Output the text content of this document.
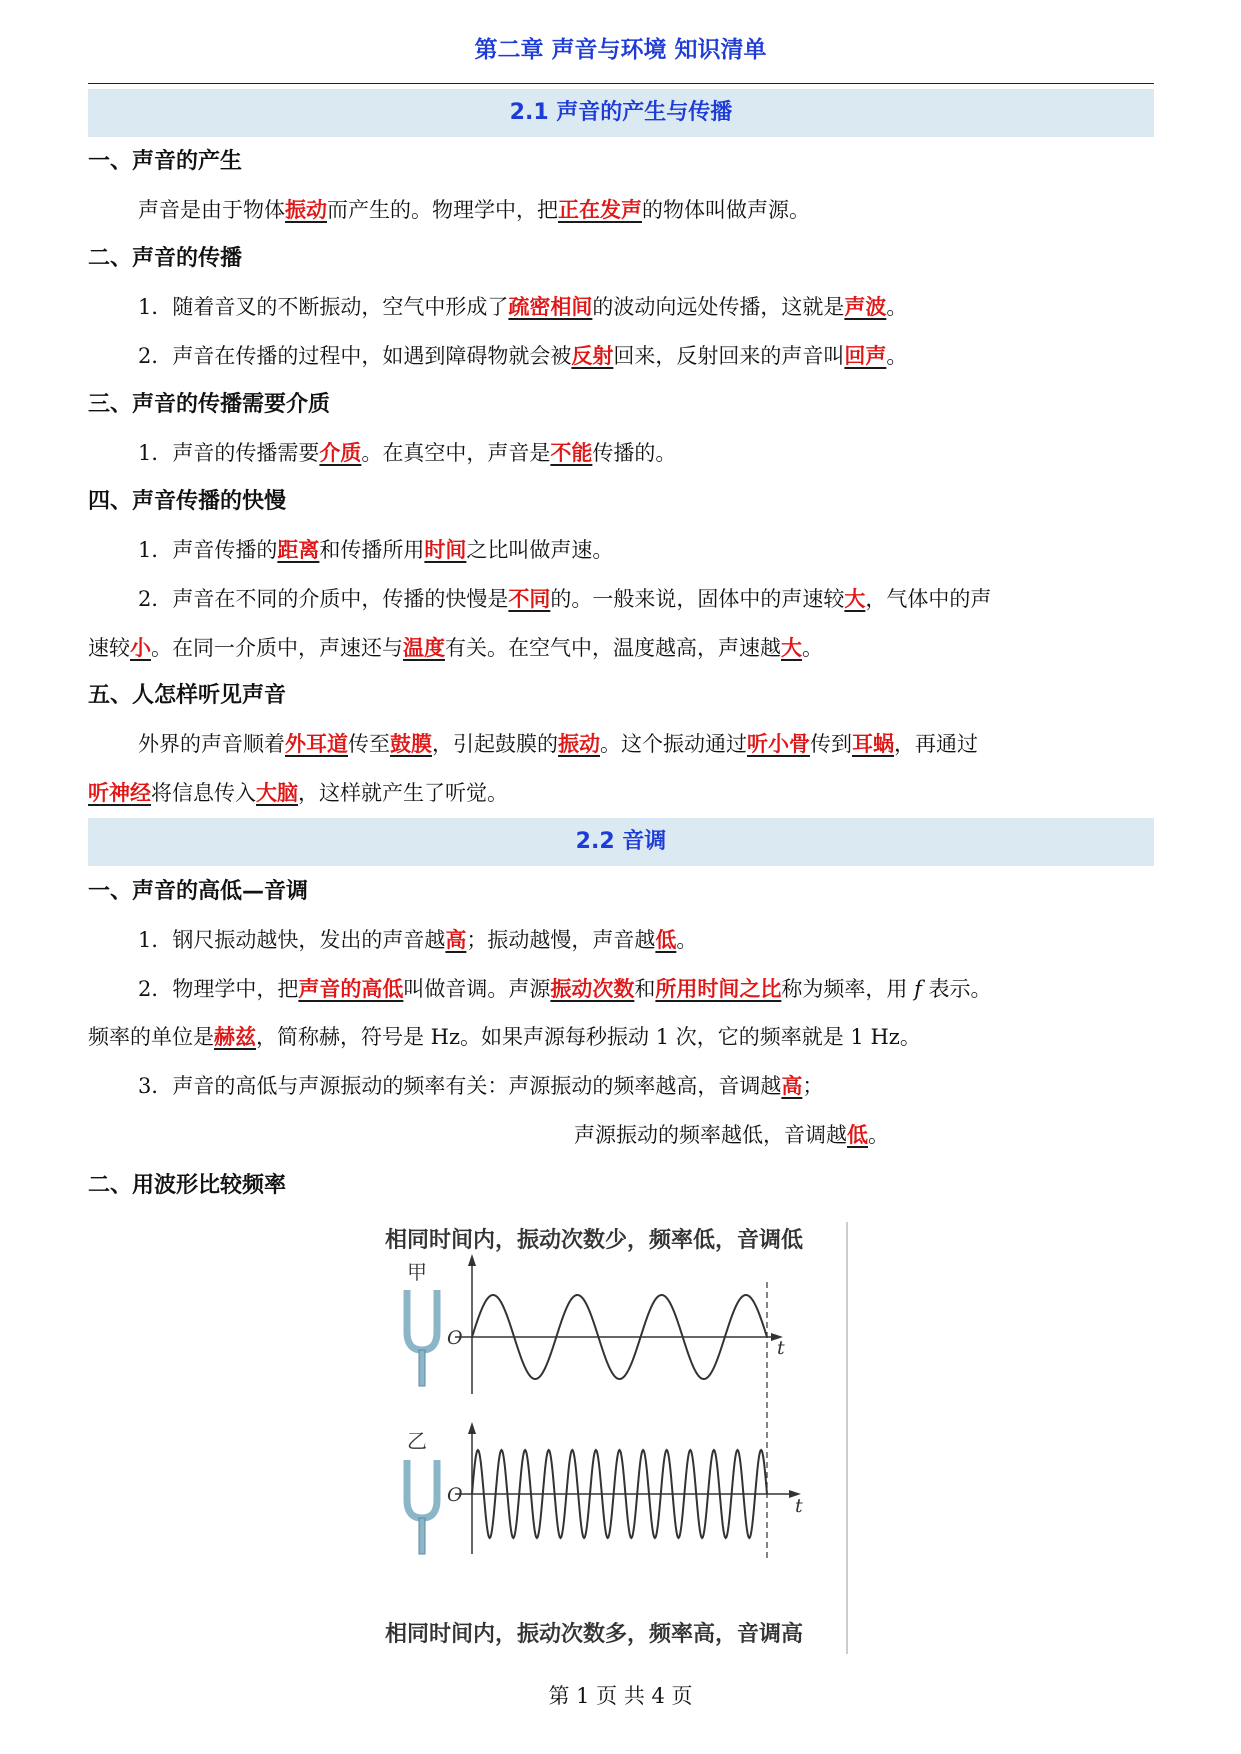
第二章 声音与环境 知识清单
2.1 声音的产生与传播
一、声音的产生
声音是由于物体振动而产生的。物理学中，把正在发声的物体叫做声源。
二、声音的传播
1．随着音叉的不断振动，空气中形成了疏密相间的波动向远处传播，这就是声波。
2．声音在传播的过程中，如遇到障碍物就会被反射回来，反射回来的声音叫回声。
三、声音的传播需要介质
1．声音的传播需要介质。在真空中，声音是不能传播的。
四、声音传播的快慢
1．声音传播的距离和传播所用时间之比叫做声速。
2．声音在不同的介质中，传播的快慢是不同的。一般来说，固体中的声速较大，气体中的声
速较小。在同一介质中，声速还与温度有关。在空气中，温度越高，声速越大。
五、人怎样听见声音
外界的声音顺着外耳道传至鼓膜，引起鼓膜的振动。这个振动通过听小骨传到耳蜗，再通过
听神经将信息传入大脑，这样就产生了听觉。
2.2 音调
一、声音的高低—音调
1．钢尺振动越快，发出的声音越高；振动越慢，声音越低。
2．物理学中，把声音的高低叫做音调。声源振动次数和所用时间之比称为频率，用 f 表示。
频率的单位是赫兹，简称赫，符号是 Hz。如果声源每秒振动 1 次，它的频率就是 1 Hz。
3．声音的高低与声源振动的频率有关：声源振动的频率越高，音调越高；
声源振动的频率越低，音调越低。
二、用波形比较频率
相同时间内，振动次数少，频率低，音调低
甲
乙
O	t
O	t
相同时间内，振动次数多，频率高，音调高
第 1 页 共 4 页
